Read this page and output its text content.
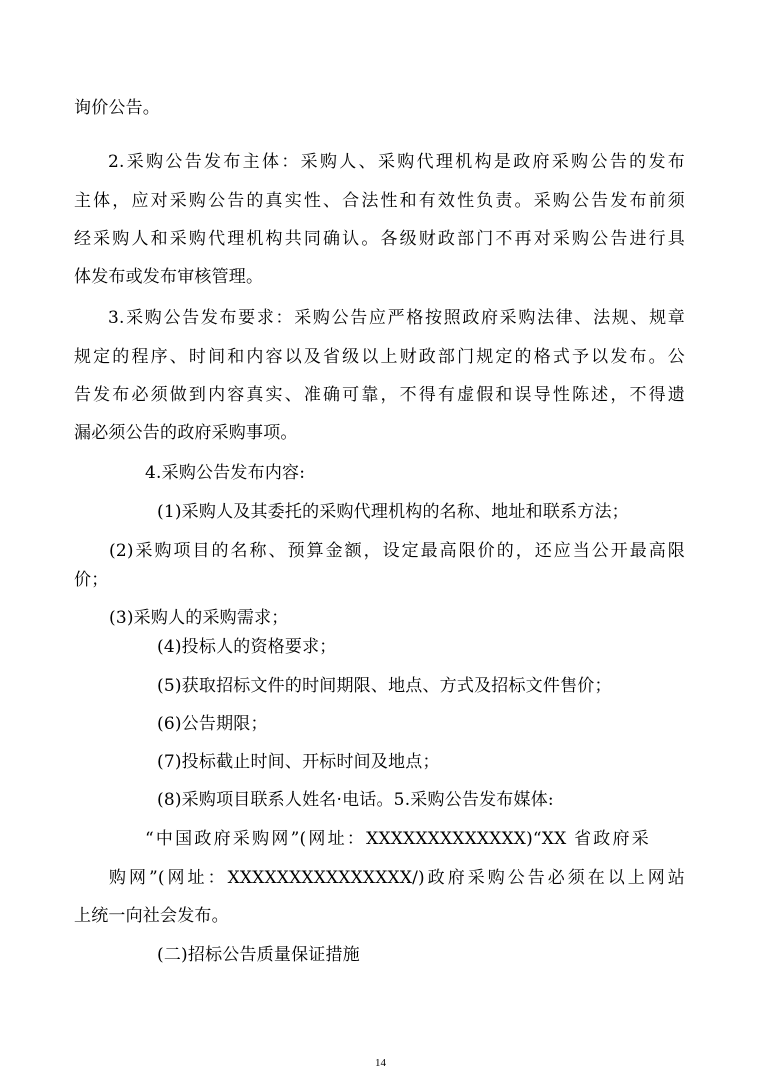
询价公告。
2.采购公告发布主体：采购人、采购代理机构是政府采购公告的发布
主体，应对采购公告的真实性、合法性和有效性负责。采购公告发布前须
经采购人和采购代理机构共同确认。各级财政部门不再对采购公告进行具
体发布或发布审核管理。
3.采购公告发布要求：采购公告应严格按照政府采购法律、法规、规章
规定的程序、时间和内容以及省级以上财政部门规定的格式予以发布。公
告发布必须做到内容真实、准确可靠，不得有虚假和误导性陈述，不得遗
漏必须公告的政府采购事项。
4.采购公告发布内容:
(1)采购人及其委托的采购代理机构的名称、地址和联系方法；
(2)采购项目的名称、预算金额，设定最高限价的，还应当公开最高限
价；
(3)采购人的采购需求；
(4)投标人的资格要求；
(5)获取招标文件的时间期限、地点、方式及招标文件售价；
(6)公告期限；
(7)投标截止时间、开标时间及地点；
(8)采购项目联系人姓名·电话。5.采购公告发布媒体:
“中国政府采购网”(网址：XXXXXXXXXXXXX)“XX 省政府采
购网”(网址：XXXXXXXXXXXXXXX/)政府采购公告必须在以上网站
上统一向社会发布。
(二)招标公告质量保证措施
14
